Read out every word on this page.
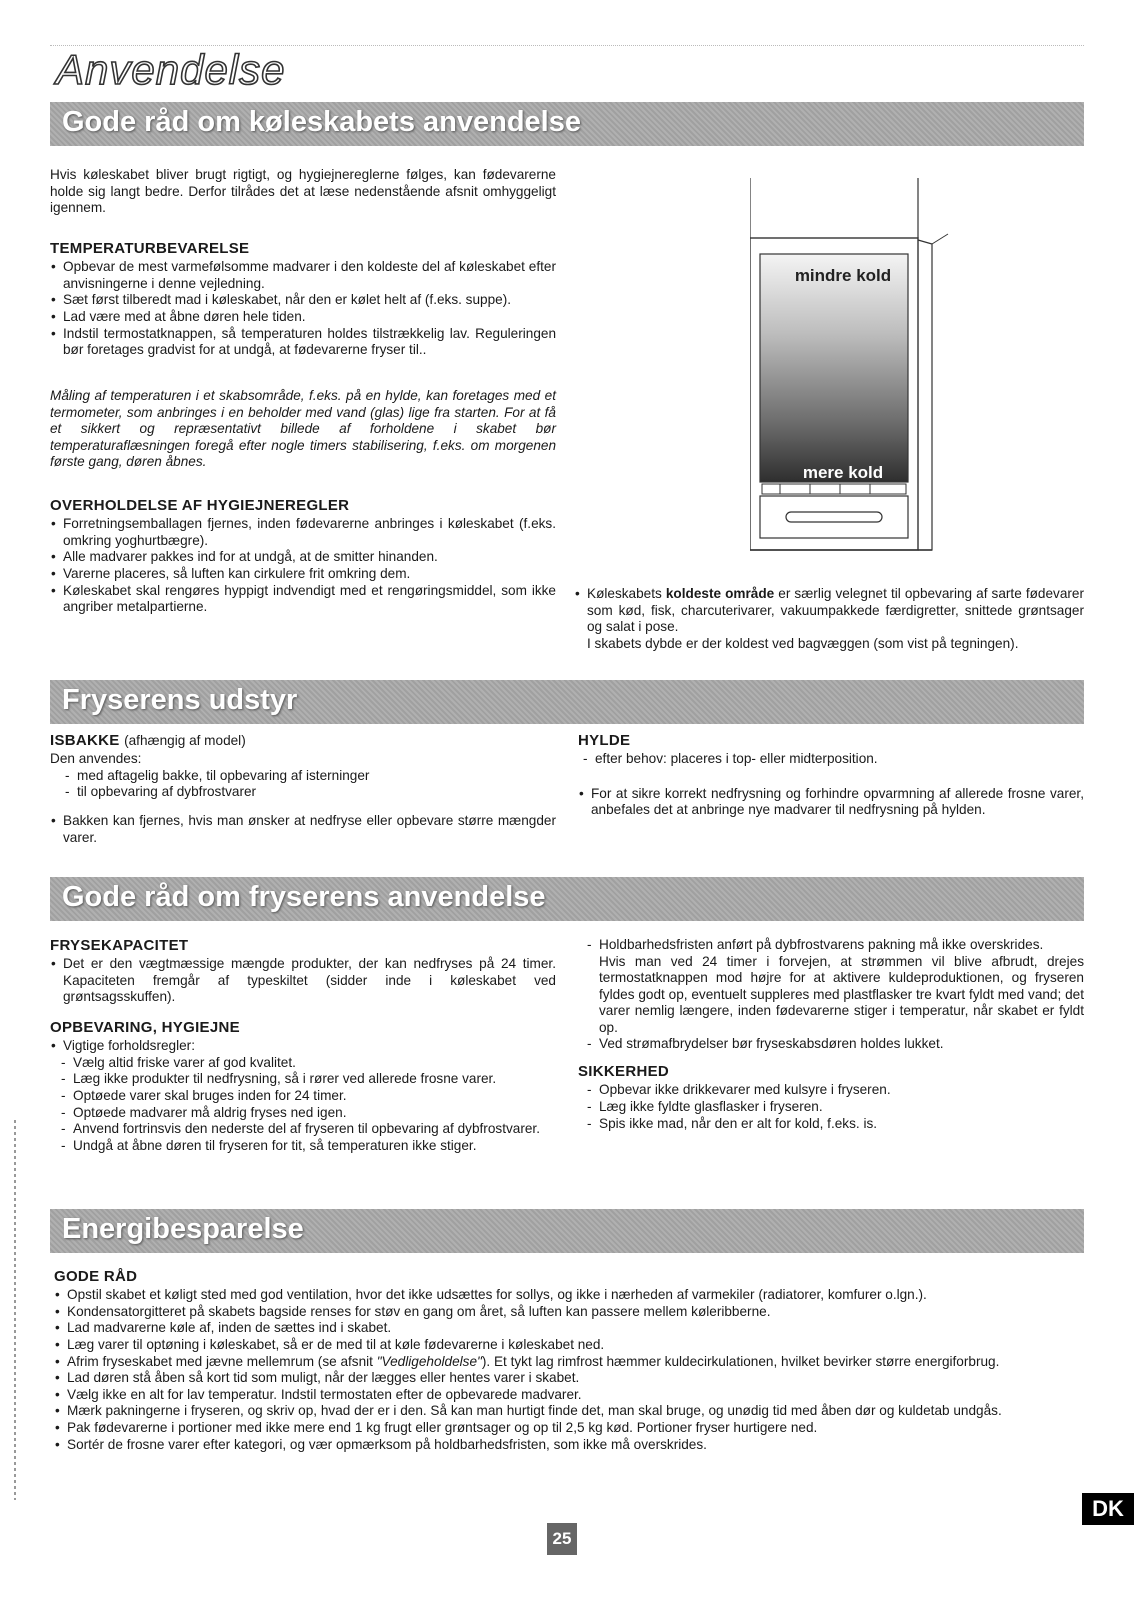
Anvendelse
Gode råd om køleskabets anvendelse
Hvis køleskabet bliver brugt rigtigt, og hygiejnereglerne følges, kan fødevarerne holde sig langt bedre. Derfor tilrådes det at læse nedenstående afsnit omhyggeligt igennem.
TEMPERATURBEVARELSE
• Opbevar de mest varmefølsomme madvarer i den koldeste del af køleskabet efter anvisningerne i denne vejledning.
• Sæt først tilberedt mad i køleskabet, når den er kølet helt af (f.eks. suppe).
• Lad være med at åbne døren hele tiden.
• Indstil termostatknappen, så temperaturen holdes tilstrækkelig lav. Reguleringen bør foretages gradvist for at undgå, at fødevarerne fryser til..
Måling af temperaturen i et skabsområde, f.eks. på en hylde, kan foretages med et termometer, som anbringes i en beholder med vand (glas) lige fra starten. For at få et sikkert og repræsentativt billede af forholdene i skabet bør temperaturaflæsningen foregå efter nogle timers stabilisering, f.eks. om morgenen første gang, døren åbnes.
OVERHOLDELSE AF HYGIEJNEREGLER
• Forretningsemballagen fjernes, inden fødevarerne anbringes i køleskabet (f.eks. omkring yoghurtbægre).
• Alle madvarer pakkes ind for at undgå, at de smitter hinanden.
• Varerne placeres, så luften kan cirkulere frit omkring dem.
• Køleskabet skal rengøres hyppigt indvendigt med et rengøringsmiddel, som ikke angriber metalpartierne.
mindre kold
mere kold
• Køleskabets koldeste område er særlig velegnet til opbevaring af sarte fødevarer som kød, fisk, charcuterivarer, vakuumpakkede færdigretter, snittede grøntsager og salat i pose.
I skabets dybde er der koldest ved bagvæggen (som vist på tegningen).
Fryserens udstyr
ISBAKKE (afhængig af model)
Den anvendes:
- med aftagelig bakke, til opbevaring af isterninger
- til opbevaring af dybfrostvarer
• Bakken kan fjernes, hvis man ønsker at nedfryse eller opbevare større mængder varer.
HYLDE
- efter behov: placeres i top- eller midterposition.
• For at sikre korrekt nedfrysning og forhindre opvarmning af allerede frosne varer, anbefales det at anbringe nye madvarer til nedfrysning på hylden.
Gode råd om fryserens anvendelse
FRYSEKAPACITET
• Det er den vægtmæssige mængde produkter, der kan nedfryses på 24 timer. Kapaciteten fremgår af typeskiltet (sidder inde i køleskabet ved grøntsagsskuffen).
OPBEVARING, HYGIEJNE
• Vigtige forholdsregler:
- Vælg altid friske varer af god kvalitet.
- Læg ikke produkter til nedfrysning, så i rører ved allerede frosne varer.
- Optøede varer skal bruges inden for 24 timer.
- Optøede madvarer må aldrig fryses ned igen.
- Anvend fortrinsvis den nederste del af fryseren til opbevaring af dybfrostvarer.
- Undgå at åbne døren til fryseren for tit, så temperaturen ikke stiger.
- Holdbarhedsfristen anført på dybfrostvarens pakning må ikke overskrides.
Hvis man ved 24 timer i forvejen, at strømmen vil blive afbrudt, drejes termostatknappen mod højre for at aktivere kuldeproduktionen, og fryseren fyldes godt op, eventuelt suppleres med plastflasker tre kvart fyldt med vand; det varer nemlig længere, inden fødevarerne stiger i temperatur, når skabet er fyldt op.
- Ved strømafbrydelser bør fryseskabsdøren holdes lukket.
SIKKERHED
- Opbevar ikke drikkevarer med kulsyre i fryseren.
- Læg ikke fyldte glasflasker i fryseren.
- Spis ikke mad, når den er alt for kold, f.eks. is.
Energibesparelse
GODE RÅD
• Opstil skabet et køligt sted med god ventilation, hvor det ikke udsættes for sollys, og ikke i nærheden af varmekiler (radiatorer, komfurer o.lgn.).
• Kondensatorgitteret på skabets bagside renses for støv en gang om året, så luften kan passere mellem køleribberne.
• Lad madvarerne køle af, inden de sættes ind i skabet.
• Læg varer til optøning i køleskabet, så er de med til at køle fødevarerne i køleskabet ned.
• Afrim fryseskabet med jævne mellemrum (se afsnit "Vedligeholdelse"). Et tykt lag rimfrost hæmmer kuldecirkulationen, hvilket bevirker større energiforbrug.
• Lad døren stå åben så kort tid som muligt, når der lægges eller hentes varer i skabet.
• Vælg ikke en alt for lav temperatur. Indstil termostaten efter de opbevarede madvarer.
• Mærk pakningerne i fryseren, og skriv op, hvad der er i den. Så kan man hurtigt finde det, man skal bruge, og unødig tid med åben dør og kuldetab undgås.
• Pak fødevarerne i portioner med ikke mere end 1 kg frugt eller grøntsager og op til 2,5 kg kød. Portioner fryser hurtigere ned.
• Sortér de frosne varer efter kategori, og vær opmærksom på holdbarhedsfristen, som ikke må overskrides.
25
DK
